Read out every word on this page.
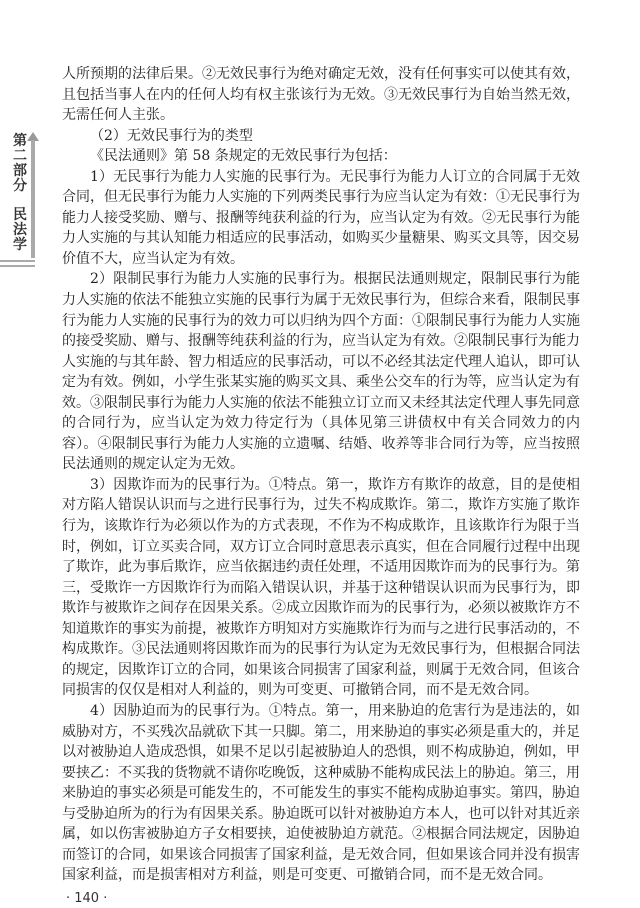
第
二
部
分
民
法
学

人所预期的法律后果。②无效民事行为绝对确定无效，没有任何事实可以使其有效，且包括当事人在内的任何人均有权主张该行为无效。③无效民事行为自始当然无效，无需任何人主张。

（2）无效民事行为的类型

《民法通则》第 58 条规定的无效民事行为包括：

1）无民事行为能力人实施的民事行为。无民事行为能力人订立的合同属于无效合同，但无民事行为能力人实施的下列两类民事行为应当认定为有效：①无民事行为能力人接受奖励、赠与、报酬等纯获利益的行为，应当认定为有效。②无民事行为能力人实施的与其认知能力相适应的民事活动，如购买少量糖果、购买文具等，因交易价值不大，应当认定为有效。

2）限制民事行为能力人实施的民事行为。根据民法通则规定，限制民事行为能力人实施的依法不能独立实施的民事行为属于无效民事行为，但综合来看，限制民事行为能力人实施的民事行为的效力可以归纳为四个方面：①限制民事行为能力人实施的接受奖励、赠与、报酬等纯获利益的行为，应当认定为有效。②限制民事行为能力人实施的与其年龄、智力相适应的民事活动，可以不必经其法定代理人追认，即可认定为有效。例如，小学生张某实施的购买文具、乘坐公交车的行为等，应当认定为有效。③限制民事行为能力人实施的依法不能独立订立而又未经其法定代理人事先同意的合同行为，应当认定为效力待定行为（具体见第三讲债权中有关合同效力的内容）。④限制民事行为能力人实施的立遗嘱、结婚、收养等非合同行为等，应当按照民法通则的规定认定为无效。

3）因欺诈而为的民事行为。①特点。第一，欺诈方有欺诈的故意，目的是使相对方陷人错误认识而与之进行民事行为，过失不构成欺诈。第二，欺诈方实施了欺诈行为，该欺诈行为必须以作为的方式表现，不作为不构成欺诈，且该欺诈行为限于当时，例如，订立买卖合同，双方订立合同时意思表示真实，但在合同履行过程中出现了欺诈，此为事后欺诈，应当依据违约责任处理，不适用因欺诈而为的民事行为。第三，受欺诈一方因欺诈行为而陷入错误认识，并基于这种错误认识而为民事行为，即欺诈与被欺诈之间存在因果关系。②成立因欺诈而为的民事行为，必须以被欺诈方不知道欺诈的事实为前提，被欺诈方明知对方实施欺诈行为而与之进行民事活动的，不构成欺诈。③民法通则将因欺诈而为的民事行为认定为无效民事行为，但根据合同法的规定，因欺诈订立的合同，如果该合同损害了国家利益，则属于无效合同，但该合同损害的仅仅是相对人利益的，则为可变更、可撤销合同，而不是无效合同。

4）因胁迫而为的民事行为。①特点。第一，用来胁迫的危害行为是违法的，如威胁对方，不买残次品就砍下其一只脚。第二，用来胁迫的事实必须是重大的，并足以对被胁迫人造成恐惧，如果不足以引起被胁迫人的恐惧，则不构成胁迫，例如，甲要挟乙：不买我的货物就不请你吃晚饭，这种威胁不能构成民法上的胁迫。第三，用来胁迫的事实必须是可能发生的，不可能发生的事实不能构成胁迫事实。第四，胁迫与受胁迫所为的行为有因果关系。胁迫既可以针对被胁迫方本人，也可以针对其近亲属，如以伤害被胁迫方子女相要挟，迫使被胁迫方就范。②根据合同法规定，因胁迫而签订的合同，如果该合同损害了国家利益，是无效合同，但如果该合同并没有损害国家利益，而是损害相对方利益，则是可变更、可撤销合同，而不是无效合同。

· 140 ·
